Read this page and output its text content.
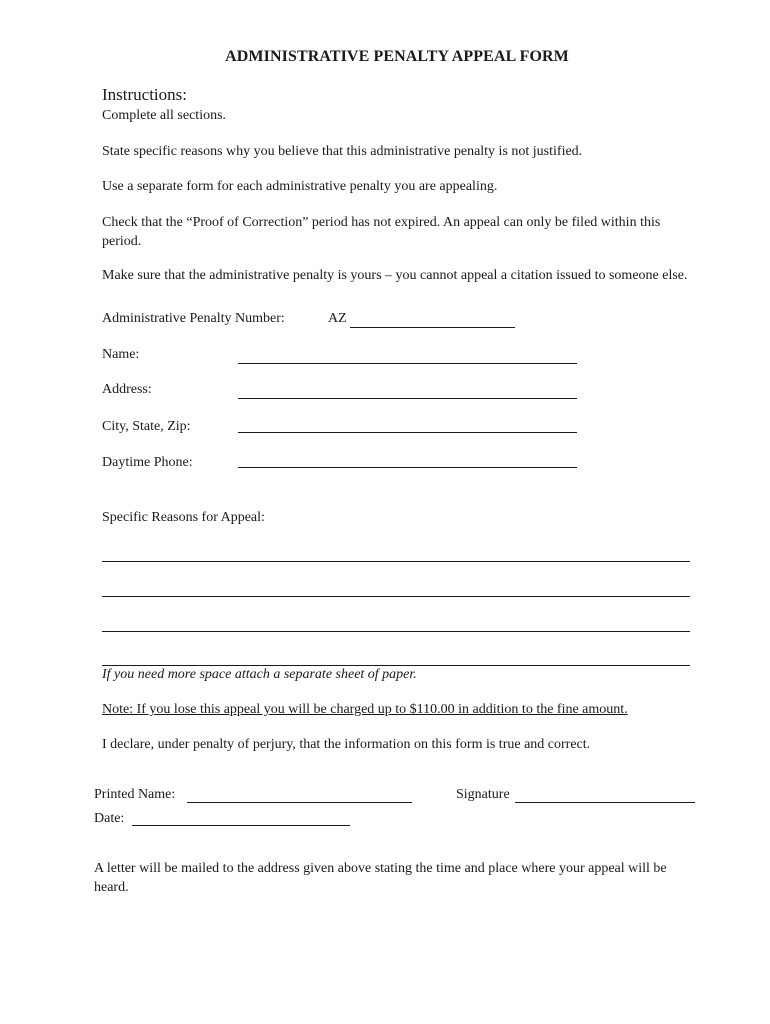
ADMINISTRATIVE PENALTY APPEAL FORM
Instructions:
Complete all sections.
State specific reasons why you believe that this administrative penalty is not justified.
Use a separate form for each administrative penalty you are appealing.
Check that the “Proof of Correction” period has not expired. An appeal can only be filed within this period.
Make sure that the administrative penalty is yours – you cannot appeal a citation issued to someone else.
Administrative Penalty Number:	AZ
Name:
Address:
City, State, Zip:
Daytime Phone:
Specific Reasons for Appeal:
If you need more space attach a separate sheet of paper.
Note: If you lose this appeal you will be charged up to $110.00 in addition to the fine amount.
I declare, under penalty of perjury, that the information on this form is true and correct.
Printed Name:	Signature
Date:
A letter will be mailed to the address given above stating the time and place where your appeal will be heard.
